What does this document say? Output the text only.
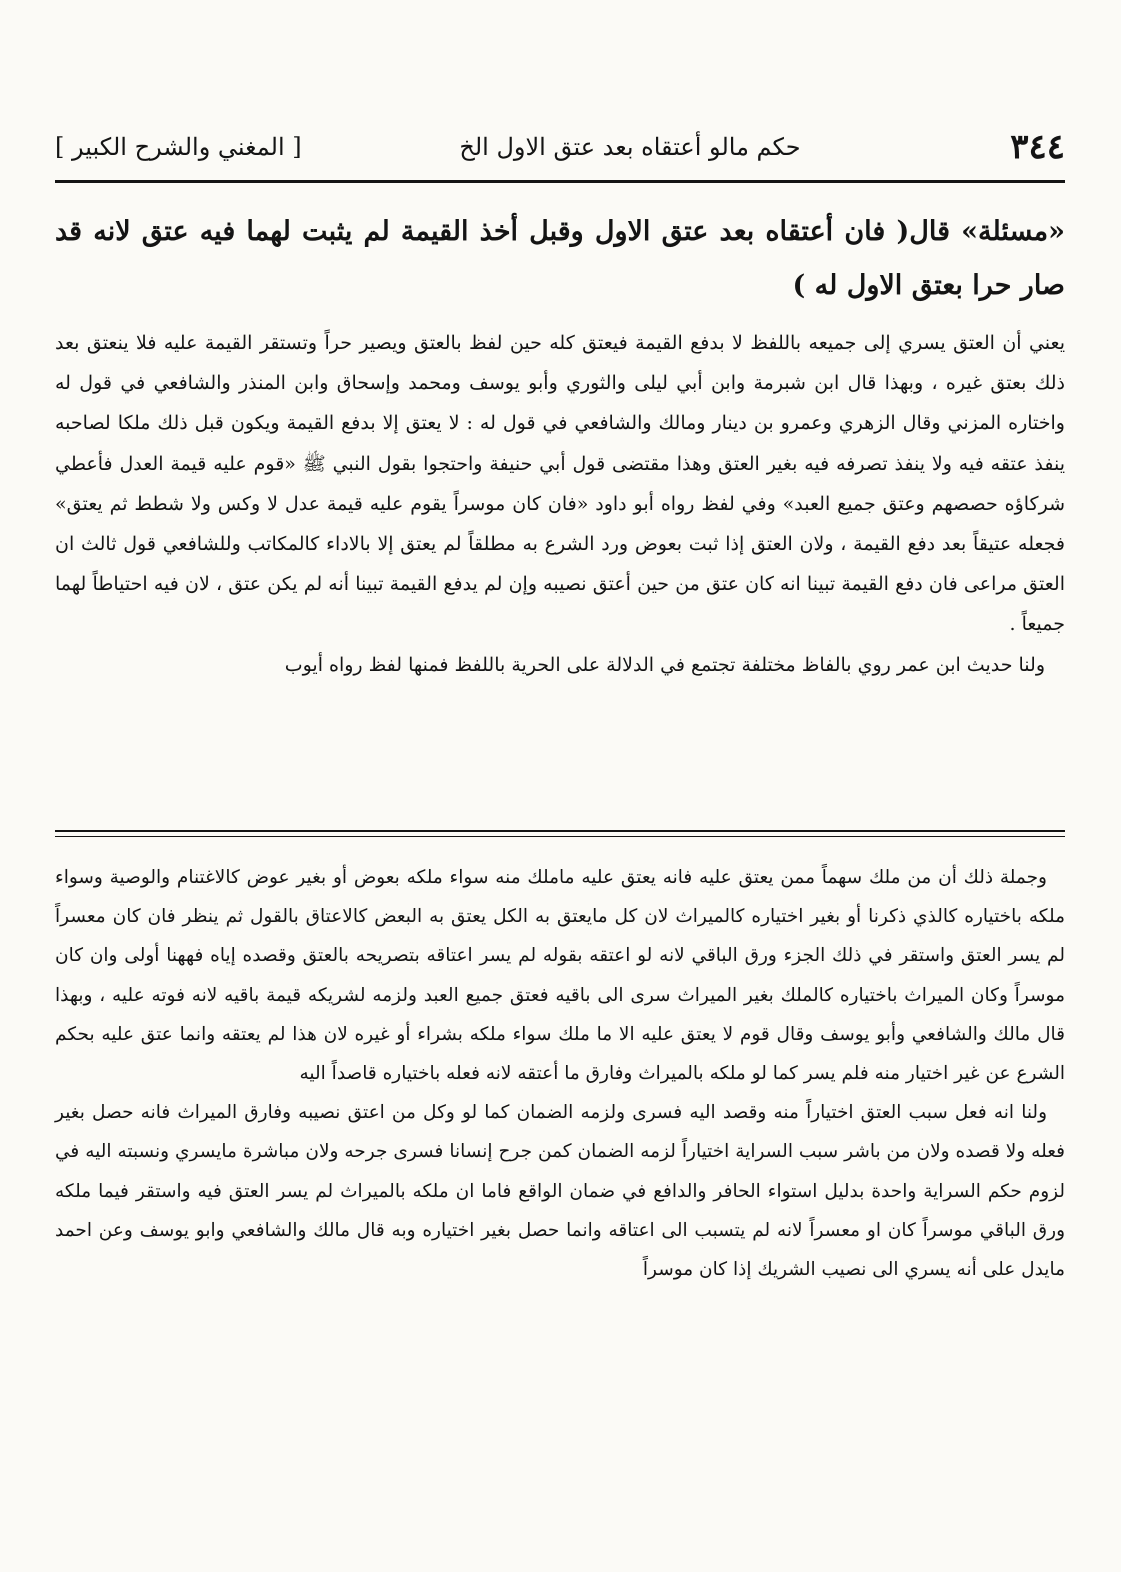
٣٤٤
حكم مالو أعتقاه بعد عتق الاول الخ
[ المغني والشرح الكبير ]

«مسئلة» قال( فان أعتقاه بعد عتق الاول وقبل أخذ القيمة لم يثبت لهما فيه عتق لانه قد صار حرا بعتق الاول له )

يعني أن العتق يسري إلى جميعه باللفظ لا بدفع القيمة فيعتق كله حين لفظ بالعتق ويصير حراً وتستقر القيمة عليه فلا ينعتق بعد ذلك بعتق غيره ، وبهذا قال ابن شبرمة وابن أبي ليلى والثوري وأبو يوسف ومحمد وإسحاق وابن المنذر والشافعي في قول له واختاره المزني وقال الزهري وعمرو بن دينار ومالك والشافعي في قول له : لا يعتق إلا بدفع القيمة ويكون قبل ذلك ملكا لصاحبه ينفذ عتقه فيه ولا ينفذ تصرفه فيه بغير العتق وهذا مقتضى قول أبي حنيفة واحتجوا بقول النبي ﷺ «قوم عليه قيمة العدل فأعطي شركاؤه حصصهم وعتق جميع العبد» وفي لفظ رواه أبو داود «فان كان موسراً يقوم عليه قيمة عدل لا وكس ولا شطط ثم يعتق» فجعله عتيقاً بعد دفع القيمة ، ولان العتق إذا ثبت بعوض ورد الشرع به مطلقاً لم يعتق إلا بالاداء كالمكاتب وللشافعي قول ثالث ان العتق مراعى فان دفع القيمة تبينا انه كان عتق من حين أعتق نصيبه وإن لم يدفع القيمة تبينا أنه لم يكن عتق ، لان فيه احتياطاً لهما جميعاً .

ولنا حديث ابن عمر روي بالفاظ مختلفة تجتمع في الدلالة على الحرية باللفظ فمنها لفظ رواه أيوب

وجملة ذلك أن من ملك سهماً ممن يعتق عليه فانه يعتق عليه ماملك منه سواء ملكه بعوض أو بغير عوض كالاغتنام والوصية وسواء ملكه باختياره كالذي ذكرنا أو بغير اختياره كالميراث لان كل مايعتق به الكل يعتق به البعض كالاعتاق بالقول ثم ينظر فان كان معسراً لم يسر العتق واستقر في ذلك الجزء ورق الباقي لانه لو اعتقه بقوله لم يسر اعتاقه بتصريحه بالعتق وقصده إياه فههنا أولى وان كان موسراً وكان الميراث باختياره كالملك بغير الميراث سرى الى باقيه فعتق جميع العبد ولزمه لشريكه قيمة باقيه لانه فوته عليه ، وبهذا قال مالك والشافعي وأبو يوسف وقال قوم لا يعتق عليه الا ما ملك سواء ملكه بشراء أو غيره لان هذا لم يعتقه وانما عتق عليه بحكم الشرع عن غير اختيار منه فلم يسر كما لو ملكه بالميراث وفارق ما أعتقه لانه فعله باختياره قاصداً اليه

ولنا انه فعل سبب العتق اختياراً منه وقصد اليه فسرى ولزمه الضمان كما لو وكل من اعتق نصيبه وفارق الميراث فانه حصل بغير فعله ولا قصده ولان من باشر سبب السراية اختياراً لزمه الضمان كمن جرح إنسانا فسرى جرحه ولان مباشرة مايسري ونسبته اليه في لزوم حكم السراية واحدة بدليل استواء الحافر والدافع في ضمان الواقع فاما ان ملكه بالميراث لم يسر العتق فيه واستقر فيما ملكه ورق الباقي موسراً كان او معسراً لانه لم يتسبب الى اعتاقه وانما حصل بغير اختياره وبه قال مالك والشافعي وابو يوسف وعن احمد مايدل على أنه يسري الى نصيب الشريك إذا كان موسراً
